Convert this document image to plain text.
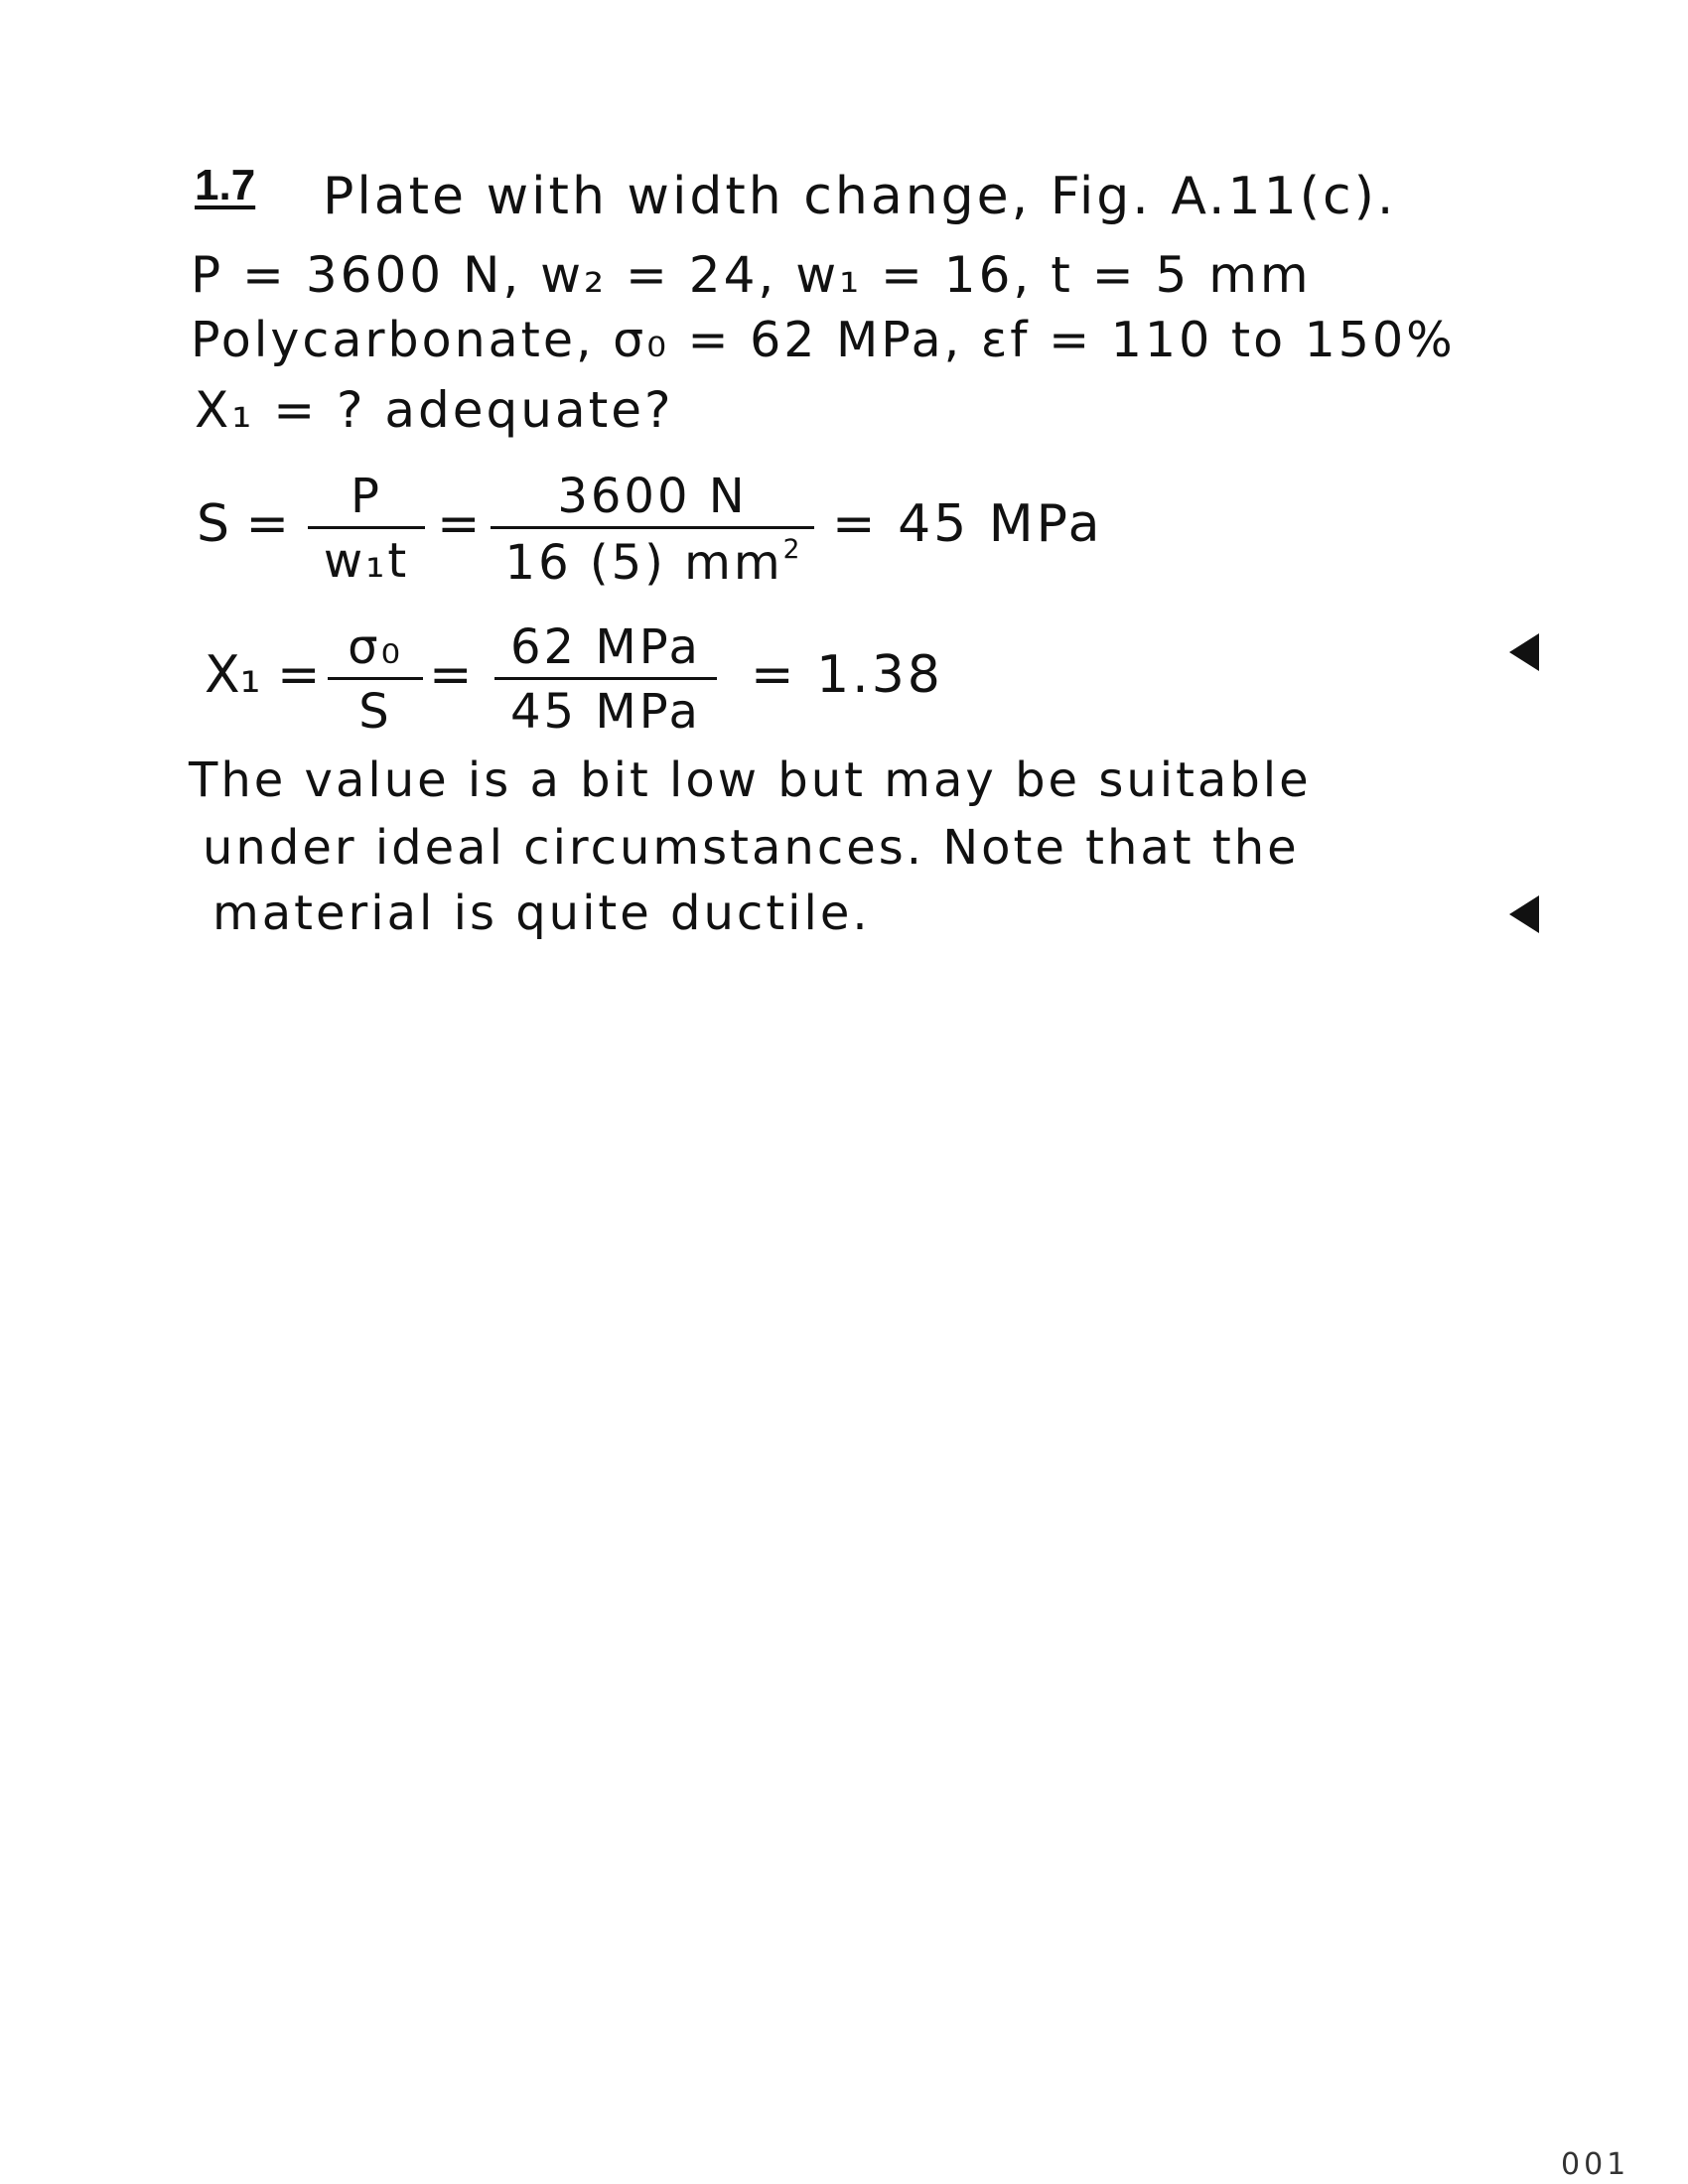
1.7 Plate with width change, Fig. A.11(c).
P = 3600 N, w₂ = 24, w₁ = 16, t = 5 mm
Polycarbonate, σ₀ = 62 MPa, εf = 110 to 150%
X₁ = ? adequate?
$S = \frac{P}{\text{w₁t}} = \frac{3600 N}{16 (5) mm^2} = 45$ MPa
$X_1 = \frac{\text{σ₀}}{S} = 62$ MPa
45 MPa
= 1.38
The value is a bit low but may be suitable
under ideal circumstances. Note that the
material is quite ductile.
001
